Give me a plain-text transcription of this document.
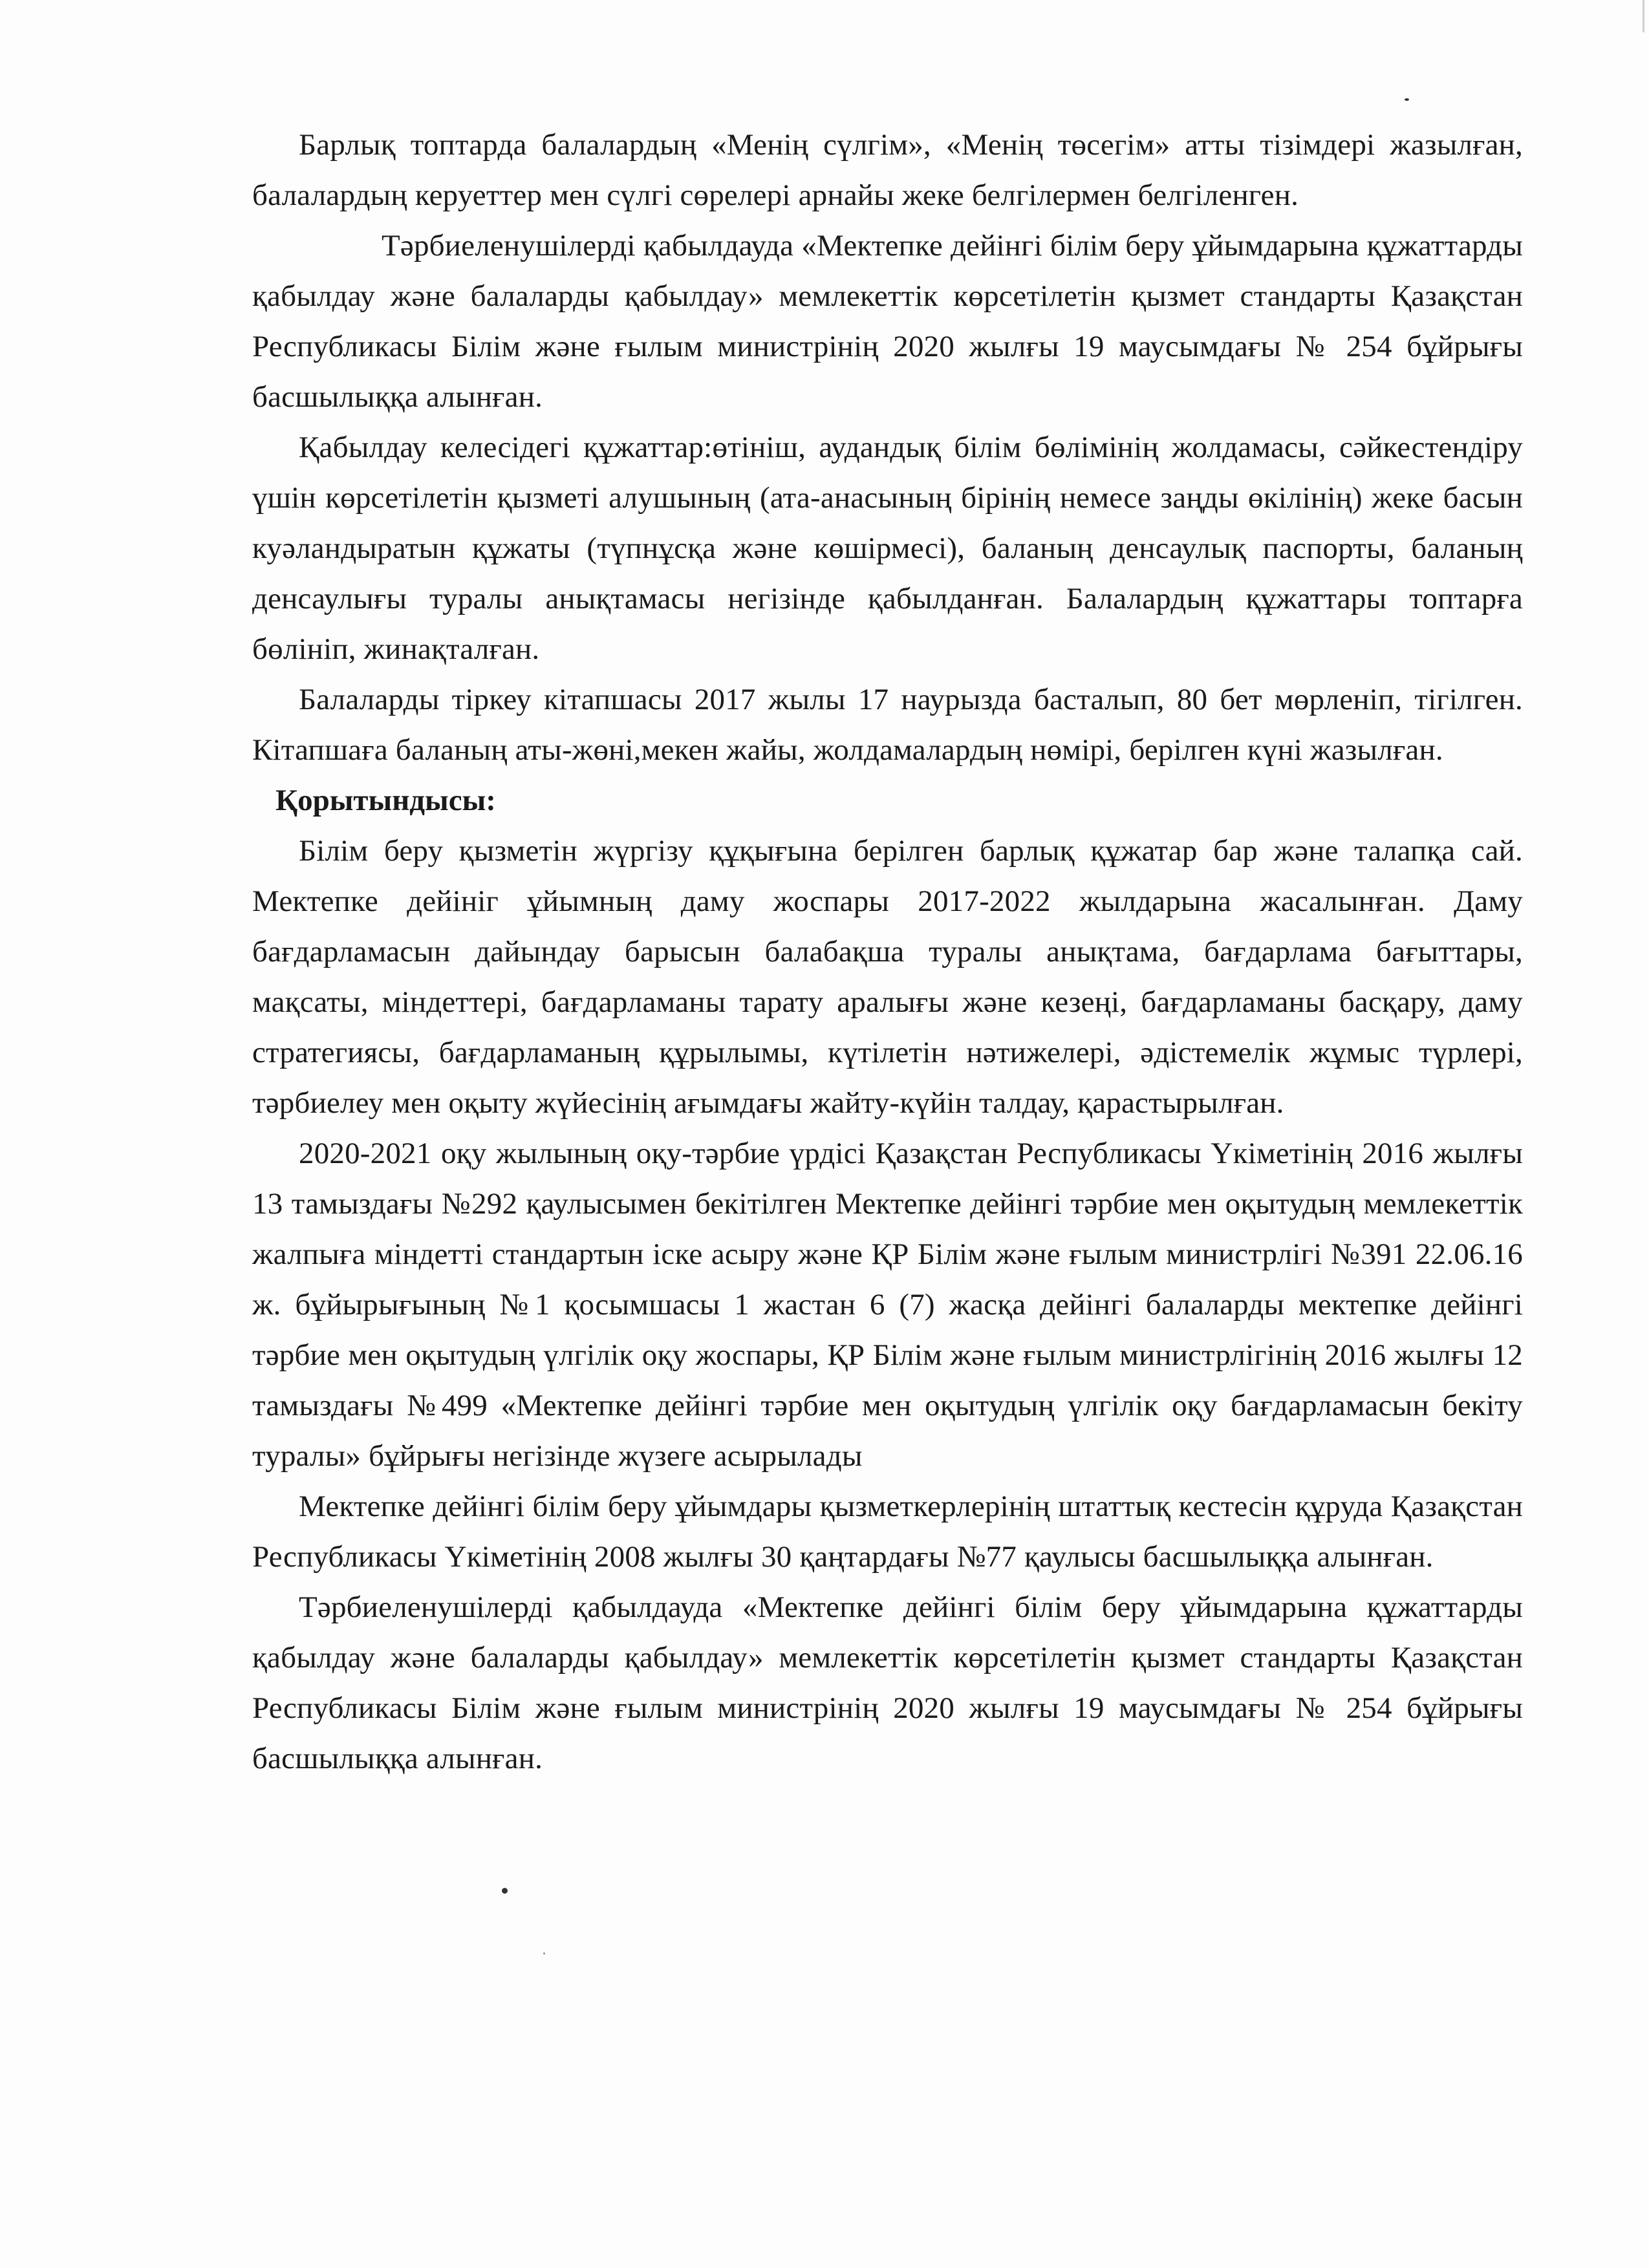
Барлық топтарда балалардың «Менің сүлгім», «Менің төсегім» атты тізімдері жазылған, балалардың керуеттер мен сүлгі сөрелері арнайы жеке белгілермен белгіленген.

Тәрбиеленушілерді қабылдауда «Мектепке дейінгі білім беру ұйымдарына құжаттарды қабылдау және балаларды қабылдау» мемлекеттік көрсетілетін қызмет стандарты Қазақстан Республикасы Білім және ғылым министрінің 2020 жылғы 19 маусымдағы № 254 бұйрығы басшылыққа алынған.

Қабылдау келесідегі құжаттар:өтініш, аудандық білім бөлімінің жолдамасы, сәйкестендіру үшін көрсетілетін қызметі алушының (ата-анасының бірінің немесе заңды өкілінің) жеке басын куәландыратын құжаты (түпнұсқа және көшірмесі), баланың денсаулық паспорты, баланың денсаулығы туралы анықтамасы негізінде қабылданған. Балалардың құжаттары топтарға бөлініп, жинақталған.

Балаларды тіркеу кітапшасы 2017 жылы 17 наурызда басталып, 80 бет мөрленіп, тігілген. Кітапшаға баланың аты-жөні,мекен жайы, жолдамалардың нөмірі, берілген күні жазылған.

Қорытындысы:

Білім беру қызметін жүргізу құқығына берілген барлық құжатар бар және талапқа сай. Мектепке дейініг ұйымның даму жоспары 2017-2022 жылдарына жасалынған. Даму бағдарламасын дайындау барысын балабақша туралы анықтама, бағдарлама бағыттары, мақсаты, міндеттері, бағдарламаны тарату аралығы және кезеңі, бағдарламаны басқару, даму стратегиясы, бағдарламаның құрылымы, күтілетін нәтижелері, әдістемелік жұмыс түрлері, тәрбиелеу мен оқыту жүйесінің ағымдағы жайту-күйін талдау, қарастырылған.

2020-2021 оқу жылының оқу-тәрбие үрдісі Қазақстан Республикасы Үкіметінің 2016 жылғы 13 тамыздағы №292 қаулысымен бекітілген Мектепке дейінгі тәрбие мен оқытудың мемлекеттік жалпыға міндетті стандартын іске асыру және ҚР Білім және ғылым министрлігі №391 22.06.16 ж. бұйырығының №1 қосымшасы 1 жастан 6 (7) жасқа дейінгі балаларды мектепке дейінгі тәрбие мен оқытудың үлгілік оқу жоспары, ҚР Білім және ғылым министрлігінің 2016 жылғы 12 тамыздағы №499 «Мектепке дейінгі тәрбие мен оқытудың үлгілік оқу бағдарламасын бекіту туралы» бұйрығы негізінде жүзеге асырылады

Мектепке дейінгі білім беру ұйымдары қызметкерлерінің штаттық кестесін құруда Қазақстан Республикасы Үкіметінің 2008 жылғы 30 қаңтардағы №77 қаулысы басшылыққа алынған.

Тәрбиеленушілерді қабылдауда «Мектепке дейінгі білім беру ұйымдарына құжаттарды қабылдау және балаларды қабылдау» мемлекеттік көрсетілетін қызмет стандарты Қазақстан Республикасы Білім және ғылым министрінің 2020 жылғы 19 маусымдағы № 254 бұйрығы басшылыққа алынған.
